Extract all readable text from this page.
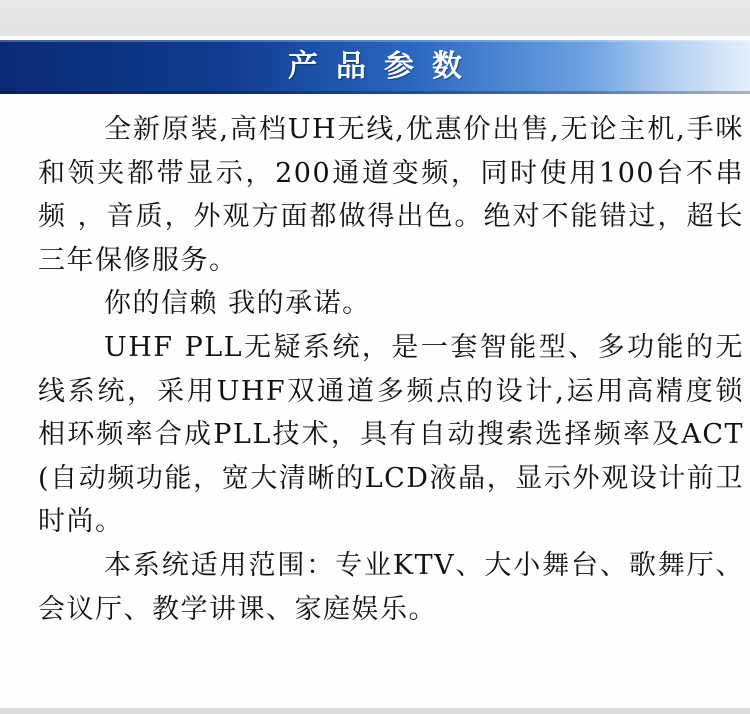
产品参数

全新原装,高档UH无线,优惠价出售,无论主机,手咪和领夹都带显示，200通道变频，同时使用100台不串频 ，音质，外观方面都做得出色。绝对不能错过，超长三年保修服务。

你的信赖 我的承诺。

UHF PLL无疑系统，是一套智能型、多功能的无线系统，采用UHF双通道多频点的设计,运用高精度锁相环频率合成PLL技术，具有自动搜索选择频率及ACT (自动频功能，宽大清晰的LCD液晶，显示外观设计前卫时尚。

本系统适用范围：专业KTV、大小舞台、歌舞厅、会议厅、教学讲课、家庭娱乐。
